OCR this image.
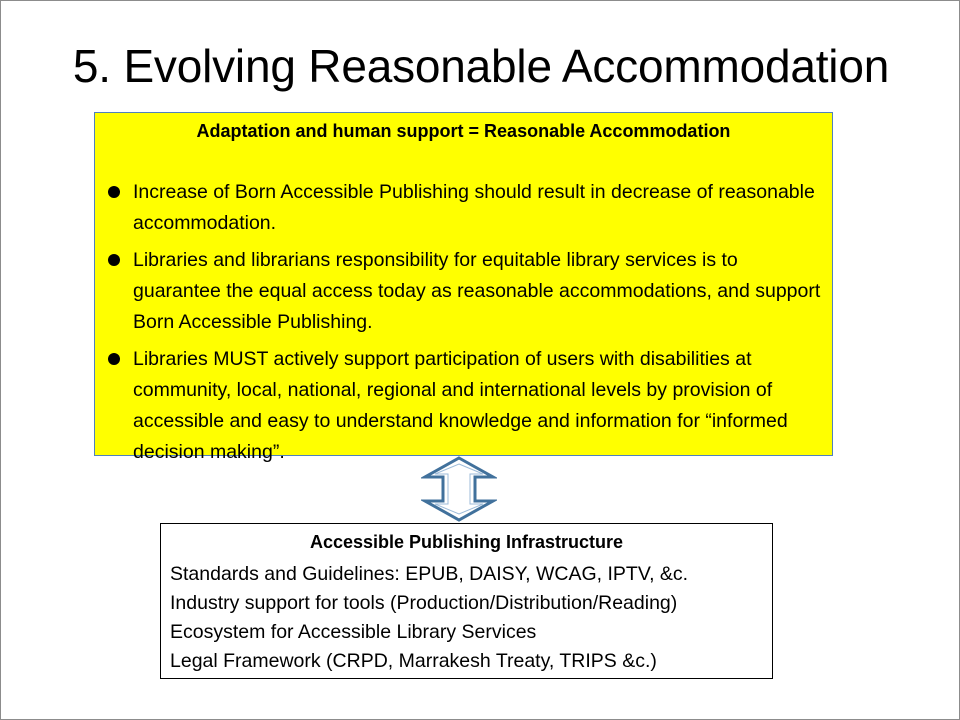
5. Evolving Reasonable Accommodation
Adaptation and human support = Reasonable Accommodation
Increase of Born Accessible Publishing should result in decrease of reasonable accommodation.
Libraries and librarians responsibility for equitable library services is to guarantee the equal access today as reasonable accommodations, and support Born Accessible Publishing.
Libraries MUST actively support participation of users with disabilities at community, local, national, regional and international levels by provision of accessible and easy to understand knowledge and information for “informed decision making”.
Accessible Publishing Infrastructure
Standards and Guidelines: EPUB, DAISY, WCAG, IPTV, &c.
Industry support for tools (Production/Distribution/Reading)
Ecosystem for Accessible Library Services
Legal Framework (CRPD, Marrakesh Treaty, TRIPS &c.)
